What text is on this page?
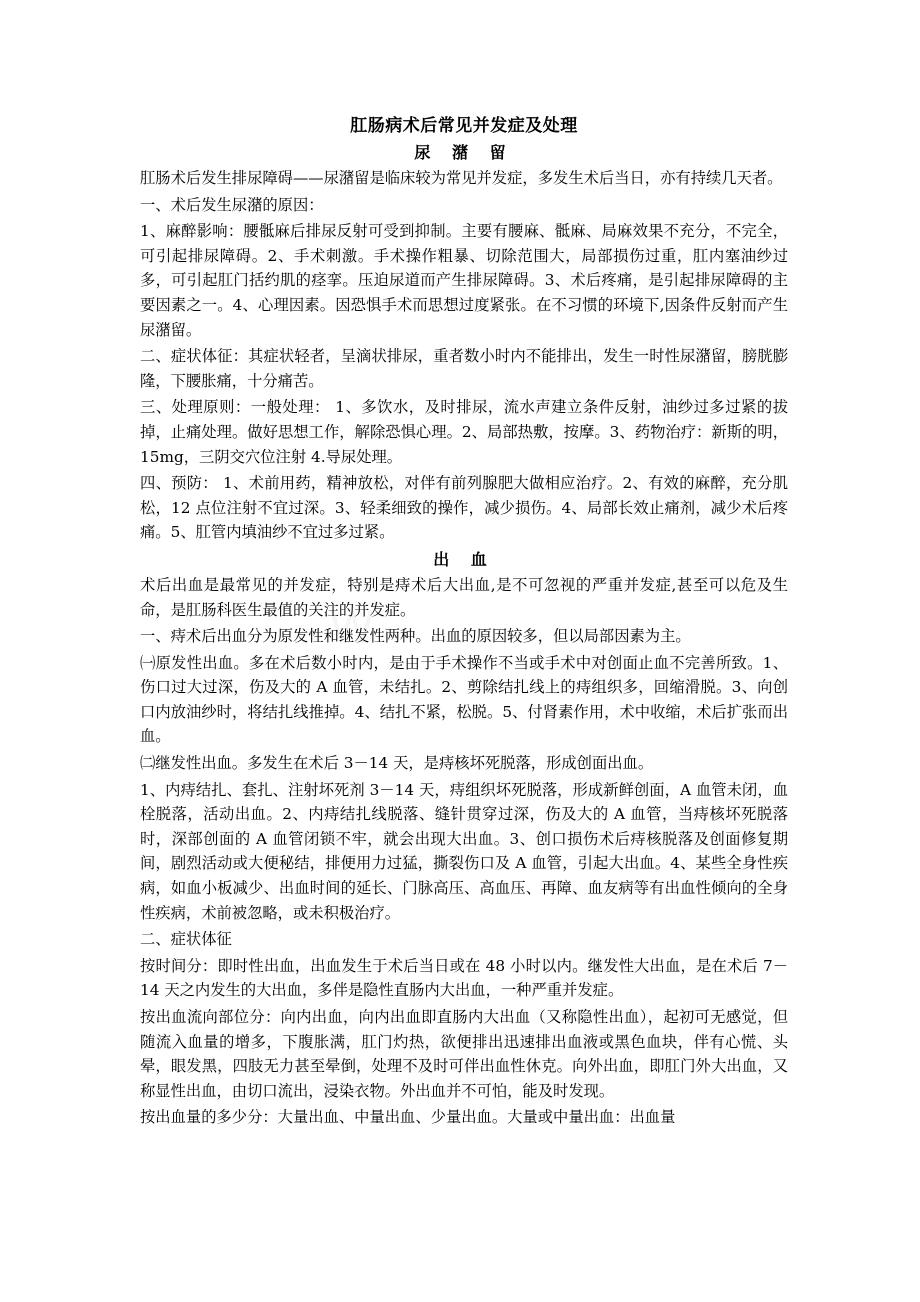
肛肠病术后常见并发症及处理
尿 潴 留

肛肠术后发生排尿障碍——尿潴留是临床较为常见并发症，多发生术后当日，亦有持续几天者。

一、术后发生尿潴的原因：

1、麻醉影响：腰骶麻后排尿反射可受到抑制。主要有腰麻、骶麻、局麻效果不充分，不完全，可引起排尿障碍。2、手术刺激。手术操作粗暴、切除范围大，局部损伤过重，肛内塞油纱过多，可引起肛门括约肌的痉挛。压迫尿道而产生排尿障碍。3、术后疼痛，是引起排尿障碍的主要因素之一。4、心理因素。因恐惧手术而思想过度紧张。在不习惯的环境下,因条件反射而产生尿潴留。

二、症状体征：其症状轻者，呈滴状排尿，重者数小时内不能排出，发生一时性尿潴留，膀胱膨隆，下腰胀痛，十分痛苦。

三、处理原则：一般处理： 1、多饮水，及时排尿，流水声建立条件反射，油纱过多过紧的拔掉，止痛处理。做好思想工作，解除恐惧心理。2、局部热敷，按摩。3、药物治疗：新斯的明，15mg，三阴交穴位注射 4.导尿处理。

四、预防： 1、术前用药，精神放松，对伴有前列腺肥大做相应治疗。2、有效的麻醉，充分肌松，12 点位注射不宜过深。3、轻柔细致的操作，减少损伤。4、局部长效止痛剂，减少术后疼痛。5、肛管内填油纱不宜过多过紧。

出 血

术后出血是最常见的并发症，特别是痔术后大出血,是不可忽视的严重并发症,甚至可以危及生命，是肛肠科医生最值的关注的并发症。

一、痔术后出血分为原发性和继发性两种。出血的原因较多，但以局部因素为主。

㈠原发性出血。多在术后数小时内，是由于手术操作不当或手术中对创面止血不完善所致。1、伤口过大过深，伤及大的 A 血管，未结扎。2、剪除结扎线上的痔组织多，回缩滑脱。3、向创口内放油纱时，将结扎线推掉。4、结扎不紧，松脱。5、付肾素作用，术中收缩，术后扩张而出血。

㈡继发性出血。多发生在术后 3－14 天，是痔核坏死脱落，形成创面出血。

1、内痔结扎、套扎、注射坏死剂 3－14 天，痔组织坏死脱落，形成新鲜创面，A 血管未闭，血栓脱落，活动出血。2、内痔结扎线脱落、缝针贯穿过深，伤及大的 A 血管，当痔核坏死脱落时，深部创面的 A 血管闭锁不牢，就会出现大出血。3、创口损伤术后痔核脱落及创面修复期间，剧烈活动或大便秘结，排便用力过猛，撕裂伤口及 A 血管，引起大出血。4、某些全身性疾病，如血小板减少、出血时间的延长、门脉高压、高血压、再障、血友病等有出血性倾向的全身性疾病，术前被忽略，或未积极治疗。

二、症状体征

按时间分：即时性出血，出血发生于术后当日或在 48 小时以内。继发性大出血，是在术后 7－14 天之内发生的大出血，多伴是隐性直肠内大出血，一种严重并发症。

按出血流向部位分：向内出血，向内出血即直肠内大出血（又称隐性出血），起初可无感觉，但随流入血量的增多，下腹胀满，肛门灼热，欲便排出迅速排出血液或黑色血块，伴有心慌、头晕，眼发黑，四肢无力甚至晕倒，处理不及时可伴出血性休克。向外出血，即肛门外大出血，又称显性出血，由切口流出，浸染衣物。外出血并不可怕，能及时发现。

按出血量的多少分：大量出血、中量出血、少量出血。大量或中量出血：出血量
